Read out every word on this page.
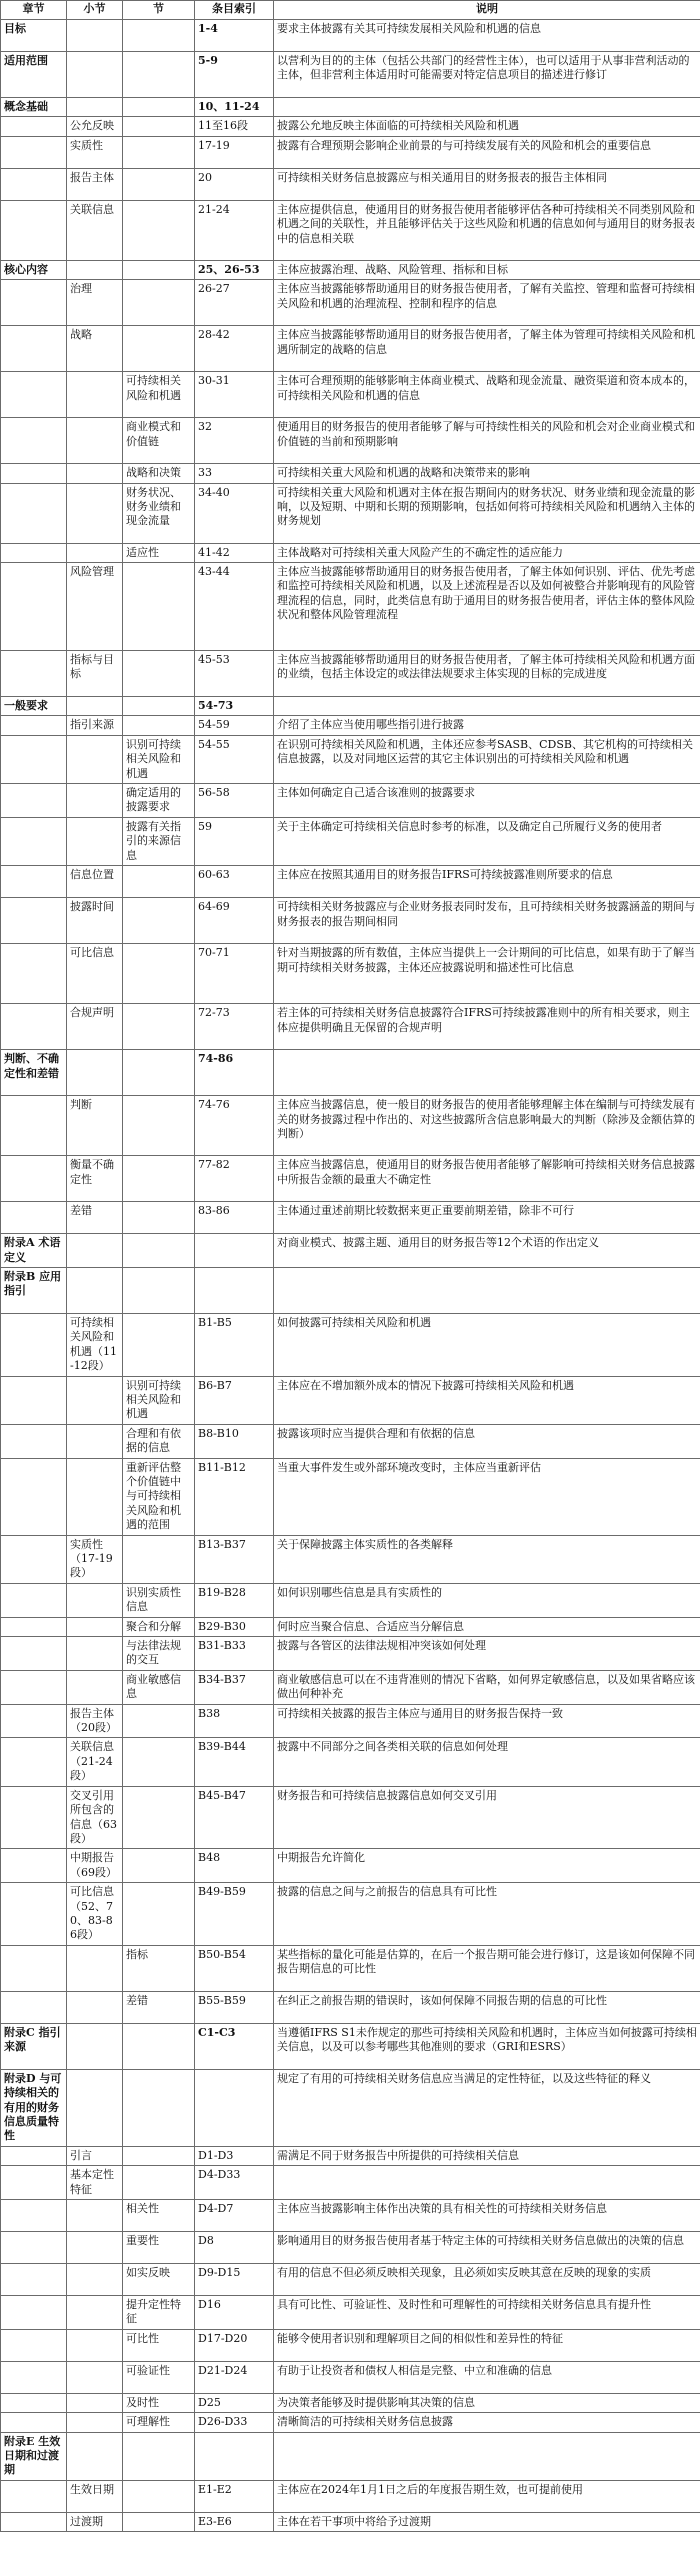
章节	小节	节	条目索引	说明
目标			1-4	要求主体披露有关其可持续发展相关风险和机遇的信息
适用范围			5-9	以营利为目的的主体（包括公共部门的经营性主体），也可以适用于从事非营利活动的主体，但非营利主体适用时可能需要对特定信息项目的描述进行修订
概念基础			10、11-24	
	公允反映		11至16段	披露公允地反映主体面临的可持续相关风险和机遇
	实质性		17-19	披露有合理预期会影响企业前景的与可持续发展有关的风险和机会的重要信息
	报告主体		20	可持续相关财务信息披露应与相关通用目的财务报表的报告主体相同
	关联信息		21-24	主体应提供信息，使通用目的财务报告使用者能够评估各种可持续相关不同类别风险和机遇之间的关联性，并且能够评估关于这些风险和机遇的信息如何与通用目的财务报表中的信息相关联
核心内容			25、26-53	主体应披露治理、战略、风险管理、指标和目标
	治理		26-27	主体应当披露能够帮助通用目的财务报告使用者，了解有关监控、管理和监督可持续相关风险和机遇的治理流程、控制和程序的信息
	战略		28-42	主体应当披露能够帮助通用目的财务报告使用者，了解主体为管理可持续相关风险和机遇所制定的战略的信息
		可持续相关风险和机遇	30-31	主体可合理预期的能够影响主体商业模式、战略和现金流量、融资渠道和资本成本的，可持续相关风险和机遇的信息
		商业模式和价值链	32	使通用目的财务报告的使用者能够了解与可持续性相关的风险和机会对企业商业模式和价值链的当前和预期影响
		战略和决策	33	可持续相关重大风险和机遇的战略和决策带来的影响
		财务状况、财务业绩和现金流量	34-40	可持续相关重大风险和机遇对主体在报告期间内的财务状况、财务业绩和现金流量的影响，以及短期、中期和长期的预期影响，包括如何将可持续相关风险和机遇纳入主体的财务规划
		适应性	41-42	主体战略对可持续相关重大风险产生的不确定性的适应能力
	风险管理		43-44	主体应当披露能够帮助通用目的财务报告使用者，了解主体如何识别、评估、优先考虑和监控可持续相关风险和机遇，以及上述流程是否以及如何被整合并影响现有的风险管理流程的信息，同时，此类信息有助于通用目的财务报告使用者，评估主体的整体风险状况和整体风险管理流程
	指标与目标		45-53	主体应当披露能够帮助通用目的财务报告使用者，了解主体可持续相关风险和机遇方面的业绩，包括主体设定的或法律法规要求主体实现的目标的完成进度
一般要求			54-73	
	指引来源		54-59	介绍了主体应当使用哪些指引进行披露
		识别可持续相关风险和机遇	54-55	在识别可持续相关风险和机遇，主体还应参考SASB、CDSB、其它机构的可持续相关信息披露，以及对同地区运营的其它主体识别出的可持续相关风险和机遇
		确定适用的披露要求	56-58	主体如何确定自己适合该准则的披露要求
		披露有关指引的来源信息	59	关于主体确定可持续相关信息时参考的标准，以及确定自己所履行义务的使用者
	信息位置		60-63	主体应在按照其通用目的财务报告IFRS可持续披露准则所要求的信息
	披露时间		64-69	可持续相关财务披露应与企业财务报表同时发布，且可持续相关财务披露涵盖的期间与财务报表的报告期间相同
	可比信息		70-71	针对当期披露的所有数值，主体应当提供上一会计期间的可比信息，如果有助于了解当期可持续相关财务披露，主体还应披露说明和描述性可比信息
	合规声明		72-73	若主体的可持续相关财务信息披露符合IFRS可持续披露准则中的所有相关要求，则主体应提供明确且无保留的合规声明
判断、不确定性和差错			74-86	
	判断		74-76	主体应当披露信息，使一般目的财务报告的使用者能够理解主体在编制与可持续发展有关的财务披露过程中作出的、对这些披露所含信息影响最大的判断（除涉及金额估算的判断）
	衡量不确定性		77-82	主体应当披露信息，使通用目的财务报告使用者能够了解影响可持续相关财务信息披露中所报告金额的最重大不确定性
	差错		83-86	主体通过重述前期比较数据来更正重要前期差错，除非不可行
附录A 术语定义				对商业模式、披露主题、通用目的财务报告等12个术语的作出定义
附录B 应用指引				
	可持续相关风险和机遇（11-12段）		B1-B5	如何披露可持续相关风险和机遇
		识别可持续相关风险和机遇	B6-B7	主体应在不增加额外成本的情况下披露可持续相关风险和机遇
		合理和有依据的信息	B8-B10	披露该项时应当提供合理和有依据的信息
		重新评估整个价值链中与可持续相关风险和机遇的范围	B11-B12	当重大事件发生或外部环境改变时，主体应当重新评估
	实质性（17-19段）		B13-B37	关于保障披露主体实质性的各类解释
		识别实质性信息	B19-B28	如何识别哪些信息是具有实质性的
		聚合和分解	B29-B30	何时应当聚合信息、合适应当分解信息
		与法律法规的交互	B31-B33	披露与各管区的法律法规相冲突该如何处理
		商业敏感信息	B34-B37	商业敏感信息可以在不违背准则的情况下省略，如何界定敏感信息，以及如果省略应该做出何种补充
	报告主体（20段）		B38	可持续相关披露的报告主体应与通用目的财务报告保持一致
	关联信息（21-24段）		B39-B44	披露中不同部分之间各类相关联的信息如何处理
	交叉引用所包含的信息（63段）		B45-B47	财务报告和可持续信息披露信息如何交叉引用
	中期报告（69段）		B48	中期报告允许简化
	可比信息（52、70、83-86段）		B49-B59	披露的信息之间与之前报告的信息具有可比性
		指标	B50-B54	某些指标的量化可能是估算的，在后一个报告期可能会进行修订，这是该如何保障不同报告期信息的可比性
		差错	B55-B59	在纠正之前报告期的错误时，该如何保障不同报告期的信息的可比性
附录C 指引来源			C1-C3	当遵循IFRS S1未作规定的那些可持续相关风险和机遇时，主体应当如何披露可持续相关信息，以及可以参考哪些其他准则的要求（GRI和ESRS）
附录D 与可持续相关的有用的财务信息质量特性				规定了有用的可持续相关财务信息应当满足的定性特征，以及这些特征的释义
	引言		D1-D3	需满足不同于财务报告中所提供的可持续相关信息
	基本定性特征		D4-D33	
		相关性	D4-D7	主体应当披露影响主体作出决策的具有相关性的可持续相关财务信息
		重要性	D8	影响通用目的财务报告使用者基于特定主体的可持续相关财务信息做出的决策的信息
		如实反映	D9-D15	有用的信息不但必须反映相关现象，且必须如实反映其意在反映的现象的实质
		提升定性特征	D16	具有可比性、可验证性、及时性和可理解性的可持续相关财务信息具有提升性
		可比性	D17-D20	能够令使用者识别和理解项目之间的相似性和差异性的特征
		可验证性	D21-D24	有助于让投资者和债权人相信是完整、中立和准确的信息
		及时性	D25	为决策者能够及时提供影响其决策的信息
		可理解性	D26-D33	清晰简洁的可持续相关财务信息披露
附录E 生效日期和过渡期				
	生效日期		E1-E2	主体应在2024年1月1日之后的年度报告期生效，也可提前使用
	过渡期		E3-E6	主体在若干事项中将给予过渡期
